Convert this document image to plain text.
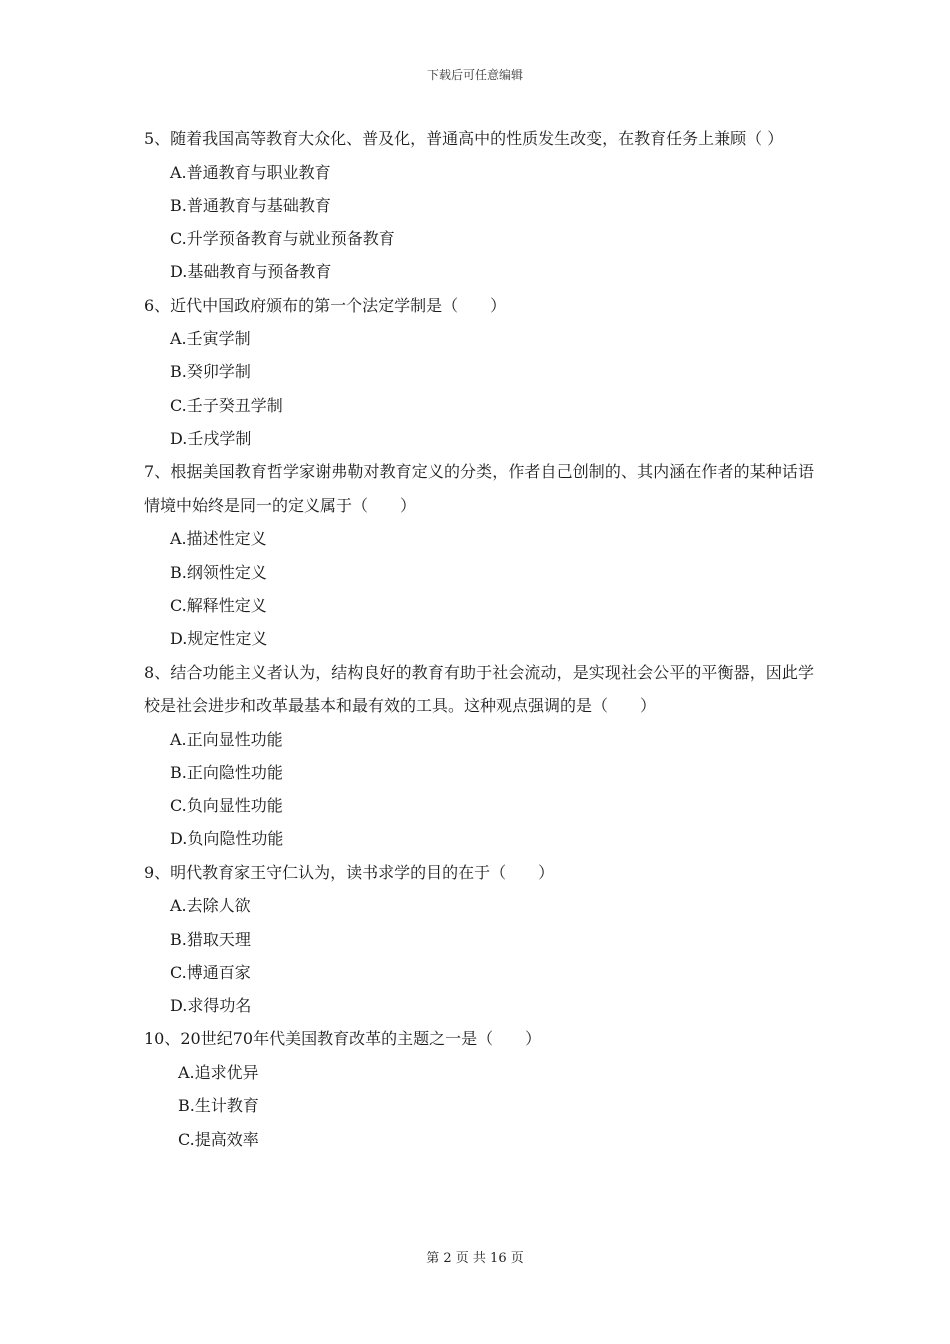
下载后可任意编辑

5、随着我国高等教育大众化、普及化，普通高中的性质发生改变，在教育任务上兼顾（ ）

A.普通教育与职业教育

B.普通教育与基础教育

C.升学预备教育与就业预备教育

D.基础教育与预备教育

6、近代中国政府颁布的第一个法定学制是（　　）

A.壬寅学制

B.癸卯学制

C.壬子癸丑学制

D.壬戌学制

7、根据美国教育哲学家谢弗勒对教育定义的分类，作者自己创制的、其内涵在作者的某种话语情境中始终是同一的定义属于（　　）

A.描述性定义

B.纲领性定义

C.解释性定义

D.规定性定义

8、结合功能主义者认为，结构良好的教育有助于社会流动，是实现社会公平的平衡器，因此学校是社会进步和改革最基本和最有效的工具。这种观点强调的是（　　）

A.正向显性功能

B.正向隐性功能

C.负向显性功能

D.负向隐性功能

9、明代教育家王守仁认为，读书求学的目的在于（　　）

A.去除人欲

B.猎取天理

C.博通百家

D.求得功名

10、20世纪70年代美国教育改革的主题之一是（　　）

A.追求优异

B.生计教育

C.提高效率

第 2 页 共 16 页
